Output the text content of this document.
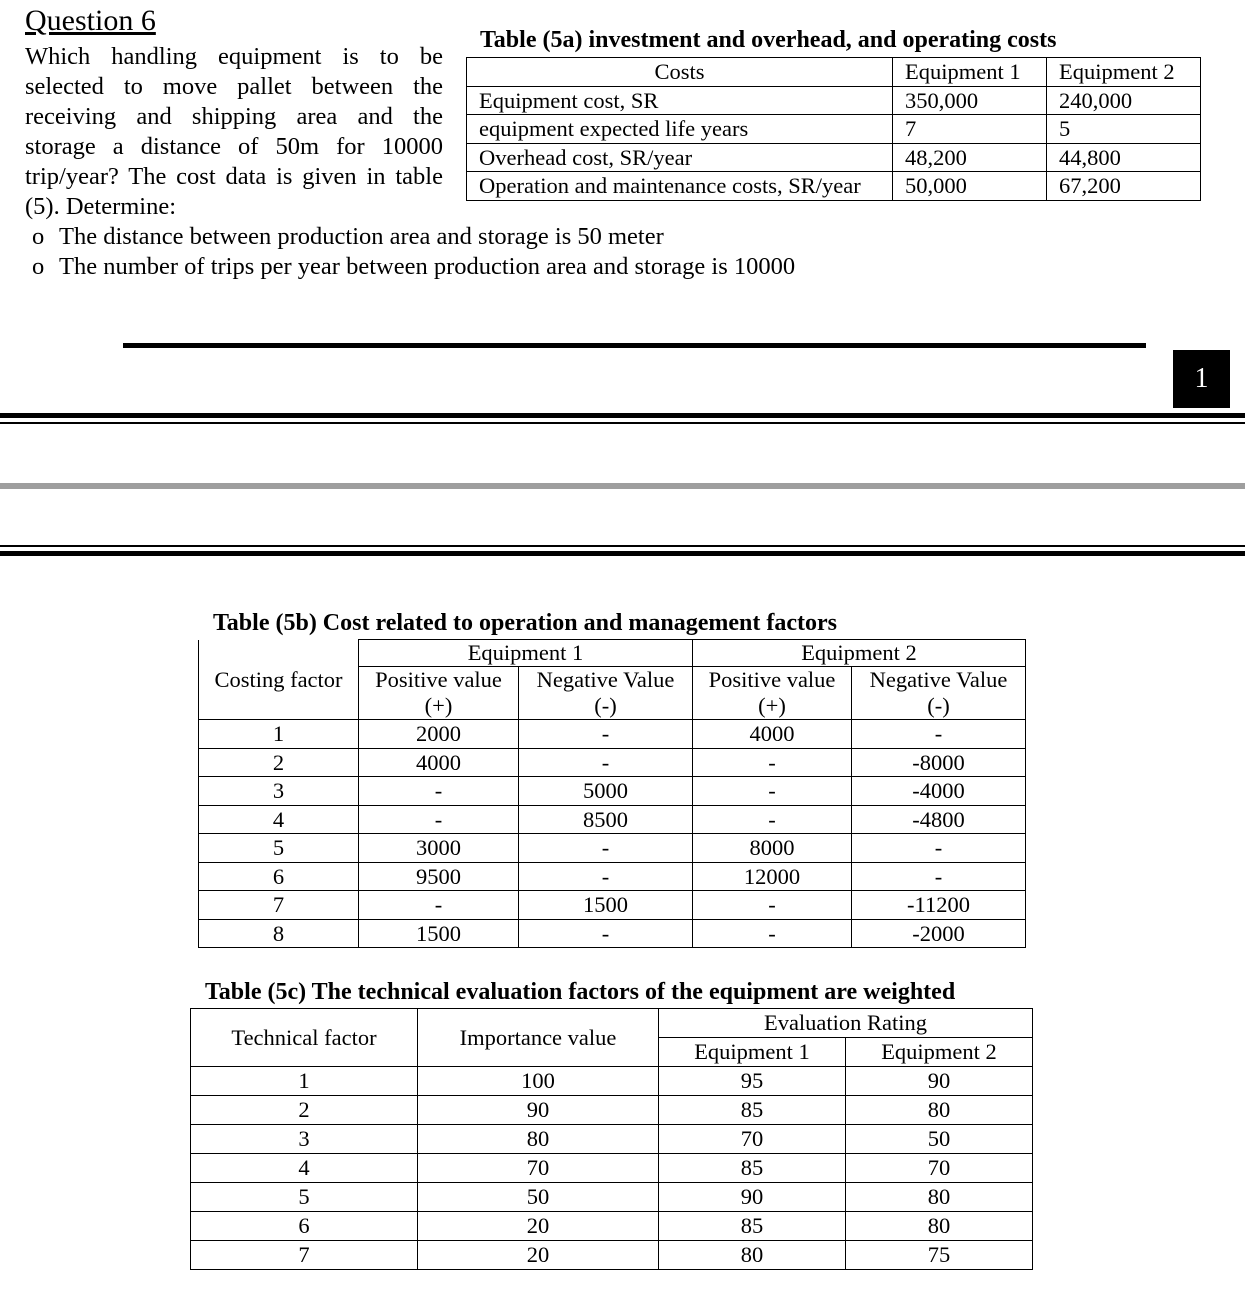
Question 6
Which handling equipment is to be selected to move pallet between the receiving and shipping area and the storage a distance of 50m for 10000 trip/year? The cost data is given in table (5). Determine:
o The distance between production area and storage is 50 meter
o The number of trips per year between production area and storage is 10000
Table (5a) investment and overhead, and operating costs
Costs	Equipment 1	Equipment 2
Equipment cost, SR	350,000	240,000
equipment expected life years	7	5
Overhead cost, SR/year	48,200	44,800
Operation and maintenance costs, SR/year	50,000	67,200
1
Table (5b) Cost related to operation and management factors
	Equipment 1		Equipment 2	
Costing factor	Positive value	Negative Value	Positive value	Negative Value
	(+)	(-)	(+)	(-)
1	2000	-	4000	-
2	4000	-	-	-8000
3	-	5000	-	-4000
4	-	8500	-	-4800
5	3000	-	8000	-
6	9500	-	12000	-
7	-	1500	-	-11200
8	1500	-	-	-2000
Table (5c) The technical evaluation factors of the equipment are weighted
Technical factor	Importance value	Evaluation Rating	
		Equipment 1	Equipment 2
1	100	95	90
2	90	85	80
3	80	70	50
4	70	85	70
5	50	90	80
6	20	85	80
7	20	80	75
